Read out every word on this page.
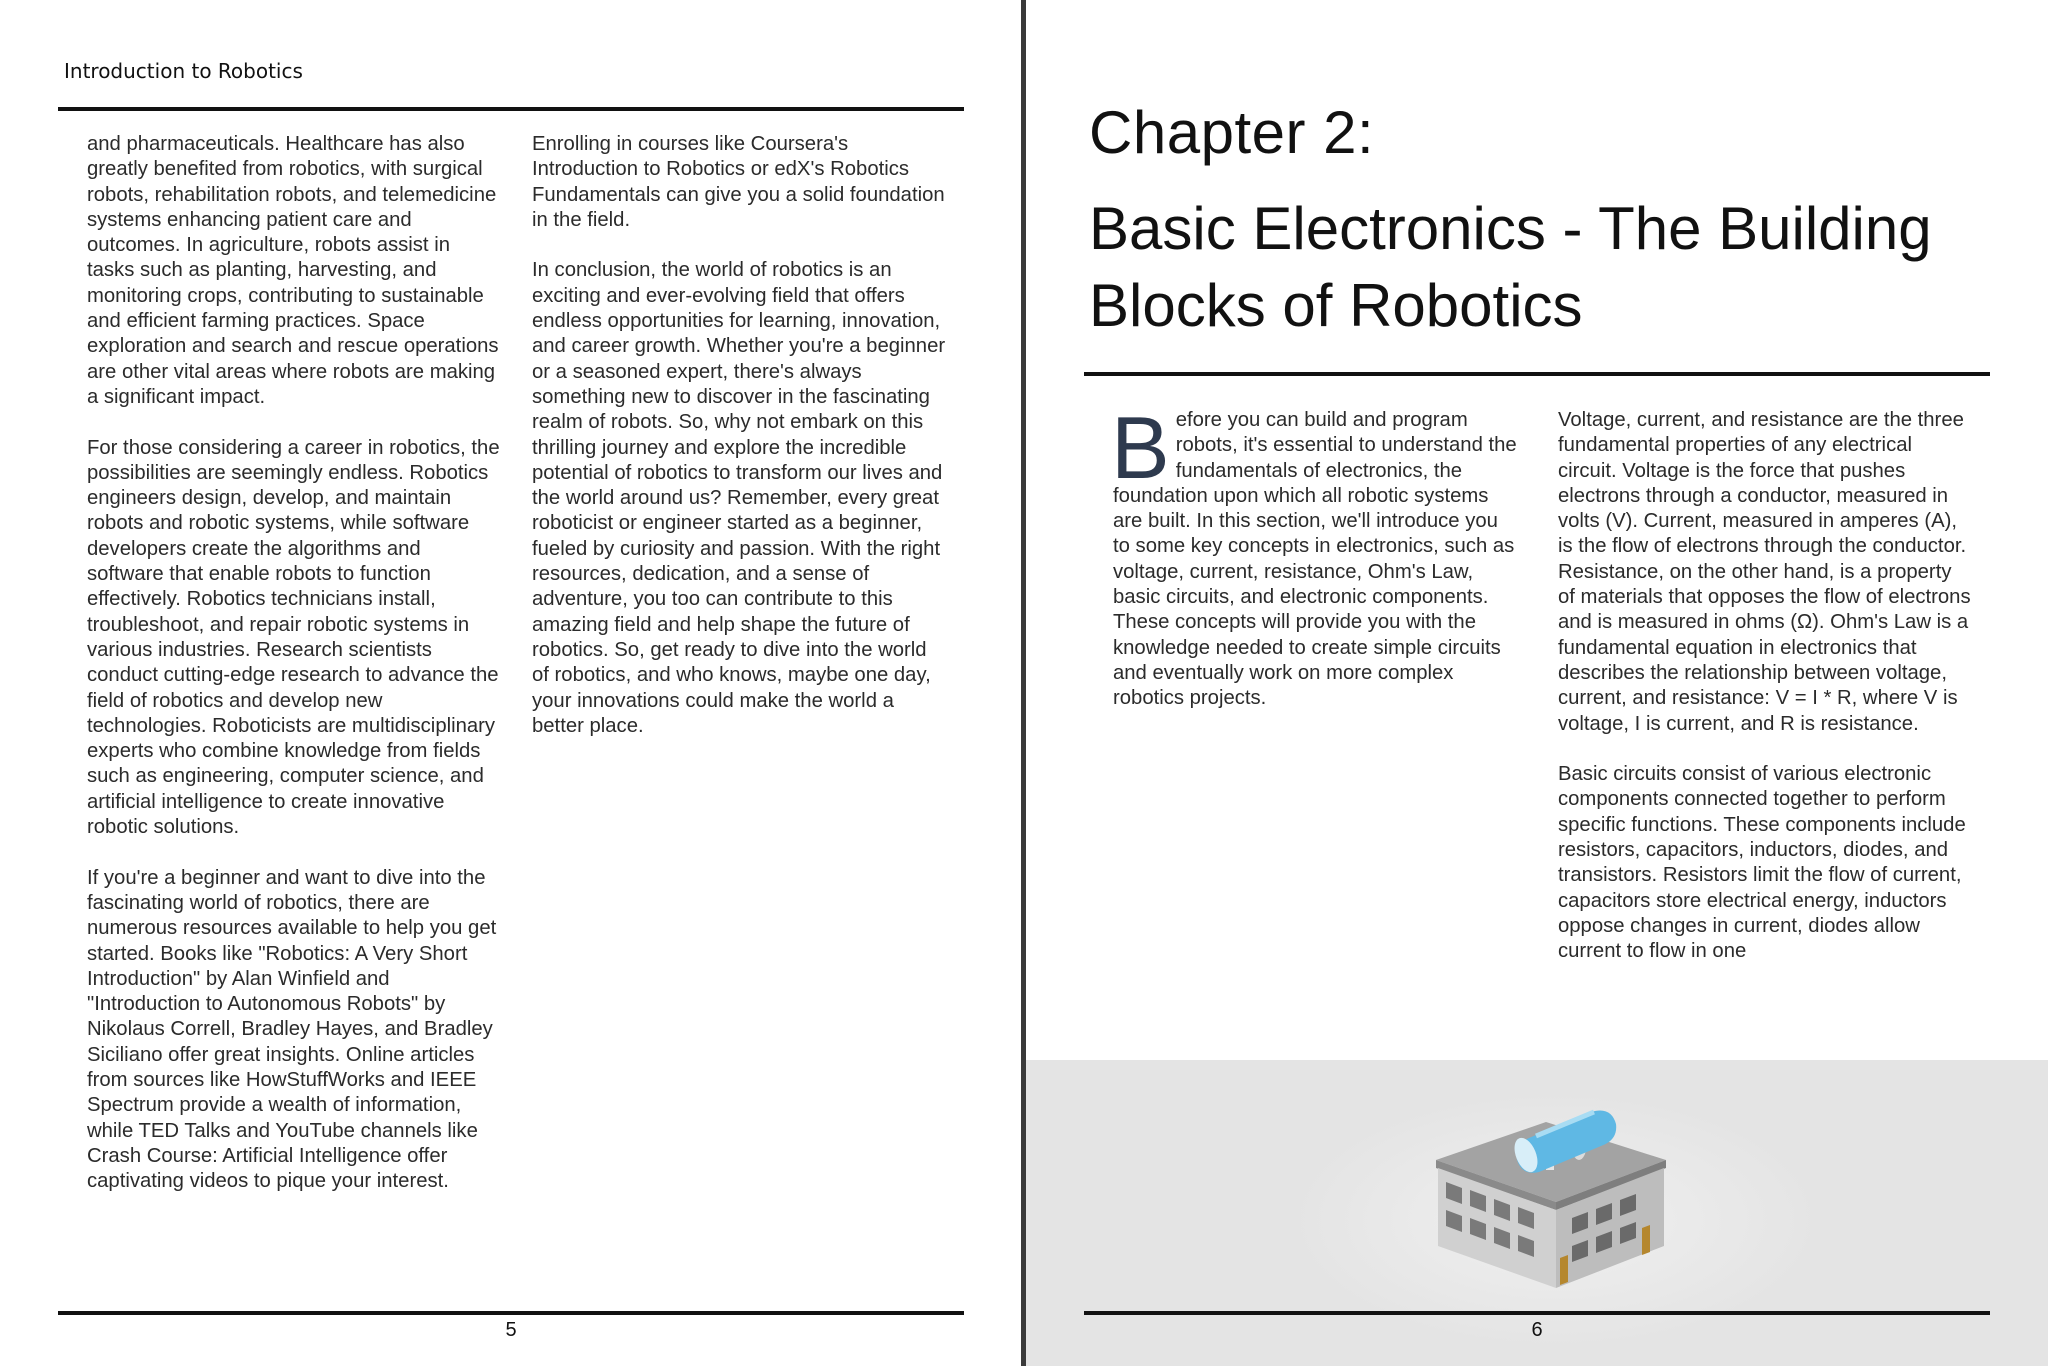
Introduction to Robotics

and pharmaceuticals. Healthcare has also greatly benefited from robotics, with surgical robots, rehabilitation robots, and telemedicine systems enhancing patient care and outcomes. In agriculture, robots assist in tasks such as planting, harvesting, and monitoring crops, contributing to sustainable and efficient farming practices. Space exploration and search and rescue operations are other vital areas where robots are making a significant impact.

For those considering a career in robotics, the possibilities are seemingly endless. Robotics engineers design, develop, and maintain robots and robotic systems, while software developers create the algorithms and software that enable robots to function effectively. Robotics technicians install, troubleshoot, and repair robotic systems in various industries. Research scientists conduct cutting-edge research to advance the field of robotics and develop new technologies. Roboticists are multidisciplinary experts who combine knowledge from fields such as engineering, computer science, and artificial intelligence to create innovative robotic solutions.

If you're a beginner and want to dive into the fascinating world of robotics, there are numerous resources available to help you get started. Books like "Robotics: A Very Short Introduction" by Alan Winfield and "Introduction to Autonomous Robots" by Nikolaus Correll, Bradley Hayes, and Bradley Siciliano offer great insights. Online articles from sources like HowStuffWorks and IEEE Spectrum provide a wealth of information, while TED Talks and YouTube channels like Crash Course: Artificial Intelligence offer captivating videos to pique your interest.

Enrolling in courses like Coursera's Introduction to Robotics or edX's Robotics Fundamentals can give you a solid foundation in the field.

In conclusion, the world of robotics is an exciting and ever-evolving field that offers endless opportunities for learning, innovation, and career growth. Whether you're a beginner or a seasoned expert, there's always something new to discover in the fascinating realm of robots. So, why not embark on this thrilling journey and explore the incredible potential of robotics to transform our lives and the world around us? Remember, every great roboticist or engineer started as a beginner, fueled by curiosity and passion. With the right resources, dedication, and a sense of adventure, you too can contribute to this amazing field and help shape the future of robotics. So, get ready to dive into the world of robotics, and who knows, maybe one day, your innovations could make the world a better place.

5
Chapter 2:
Basic Electronics - The Building Blocks of Robotics

Before you can build and program robots, it's essential to understand the fundamentals of electronics, the foundation upon which all robotic systems are built. In this section, we'll introduce you to some key concepts in electronics, such as voltage, current, resistance, Ohm's Law, basic circuits, and electronic components. These concepts will provide you with the knowledge needed to create simple circuits and eventually work on more complex robotics projects.

Voltage, current, and resistance are the three fundamental properties of any electrical circuit. Voltage is the force that pushes electrons through a conductor, measured in volts (V). Current, measured in amperes (A), is the flow of electrons through the conductor. Resistance, on the other hand, is a property of materials that opposes the flow of electrons and is measured in ohms (Ω). Ohm's Law is a fundamental equation in electronics that describes the relationship between voltage, current, and resistance: V = I * R, where V is voltage, I is current, and R is resistance.

Basic circuits consist of various electronic components connected together to perform specific functions. These components include resistors, capacitors, inductors, diodes, and transistors. Resistors limit the flow of current, capacitors store electrical energy, inductors oppose changes in current, diodes allow current to flow in one

6
